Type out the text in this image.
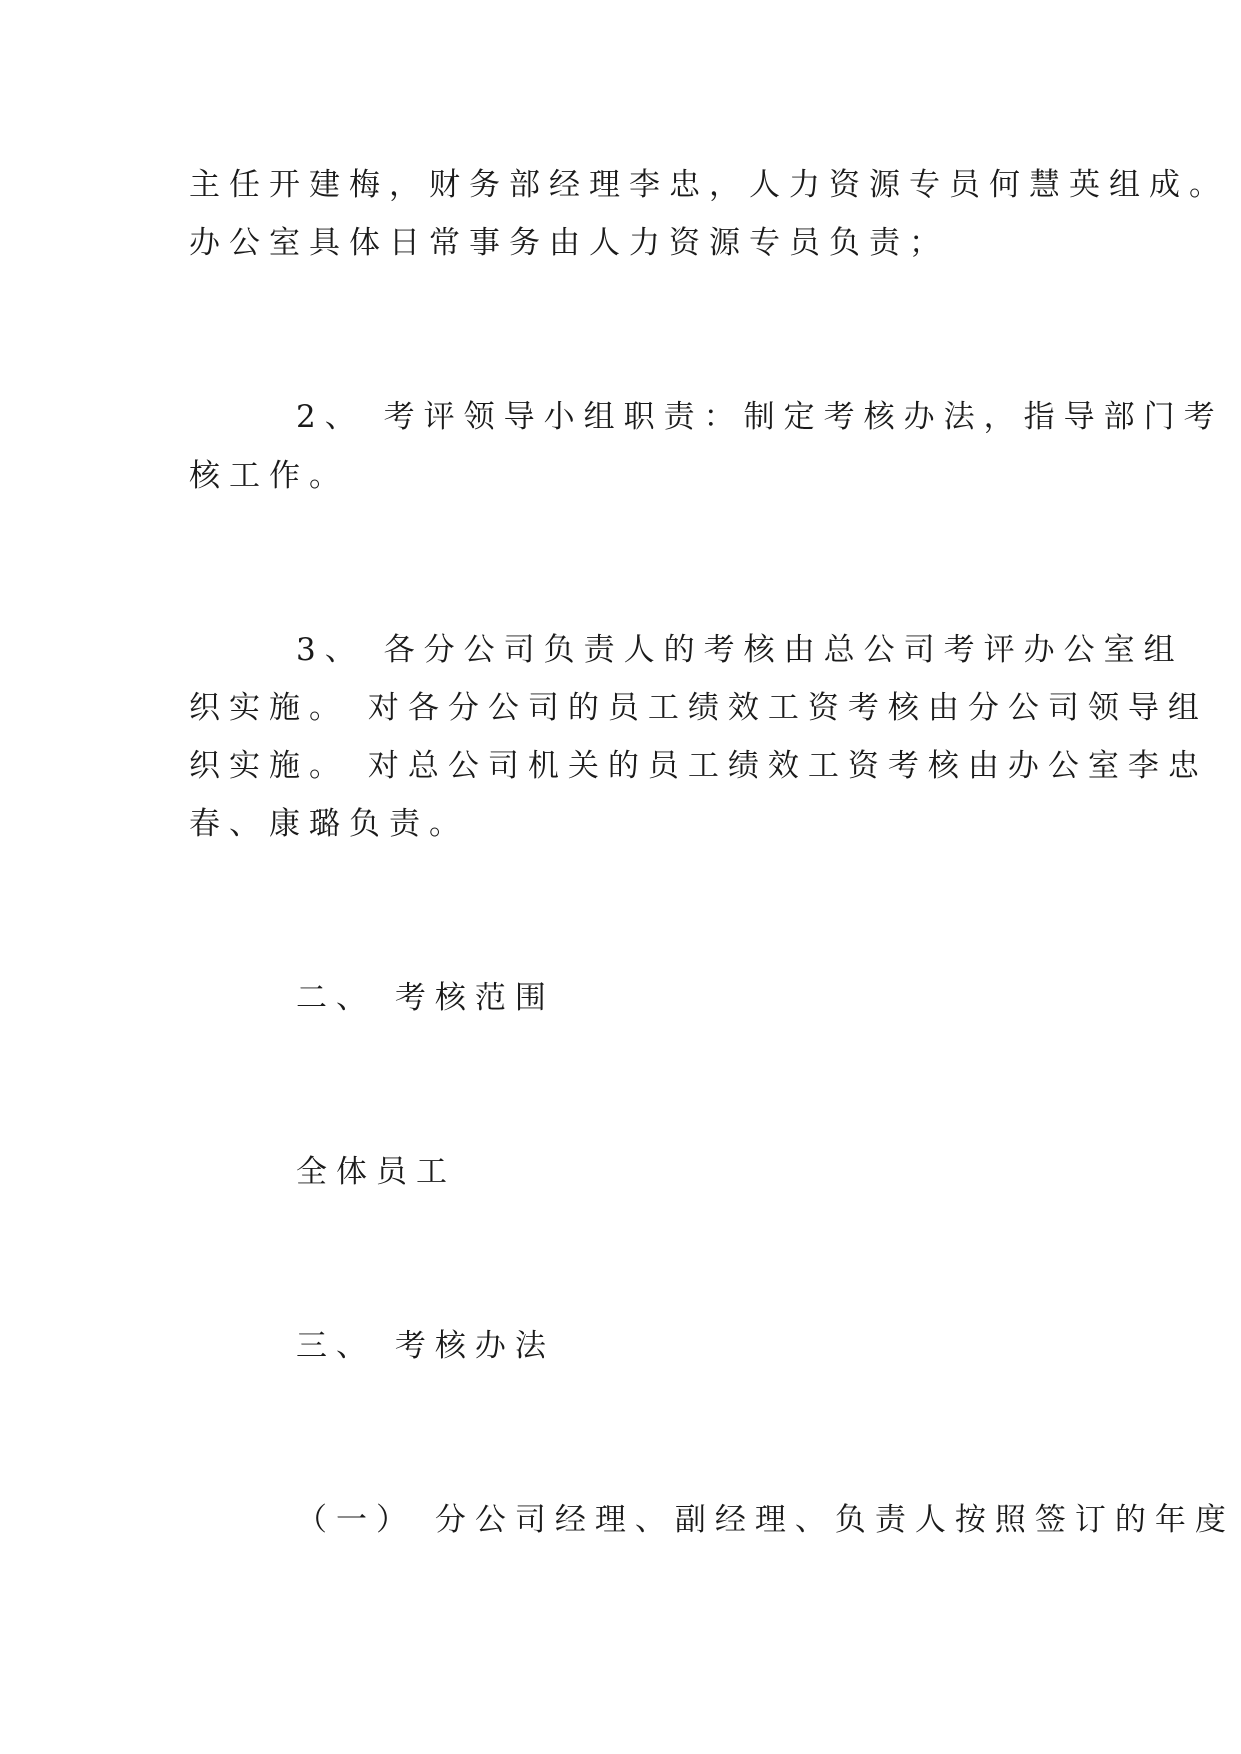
主任开建梅，财务部经理李忠，人力资源专员何慧英组成。

办公室具体日常事务由人力资源专员负责；

2、 考评领导小组职责：制定考核办法，指导部门考

核工作。

3、 各分公司负责人的考核由总公司考评办公室组

织实施。 对各分公司的员工绩效工资考核由分公司领导组

织实施。 对总公司机关的员工绩效工资考核由办公室李忠

春、康璐负责。

二、 考核范围

全体员工

三、 考核办法

（一） 分公司经理、副经理、负责人按照签订的年度
